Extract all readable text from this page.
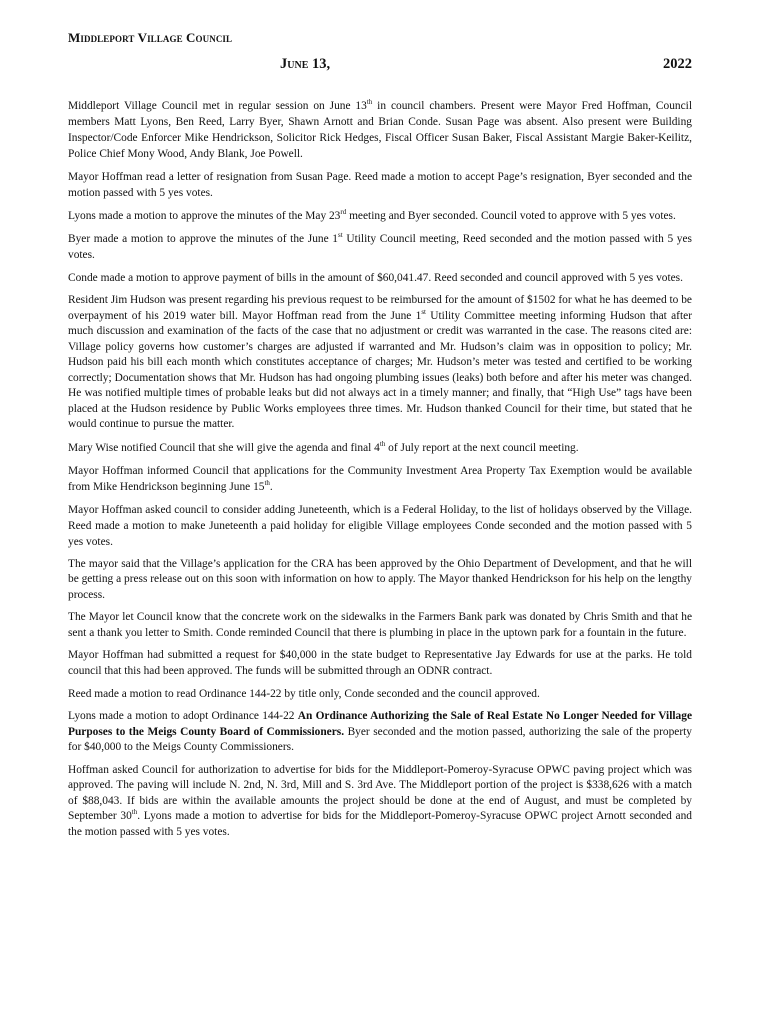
Middleport Village Council
June 13,	2022

Middleport Village Council met in regular session on June 13th in council chambers. Present were Mayor Fred Hoffman, Council members Matt Lyons, Ben Reed, Larry Byer, Shawn Arnott and Brian Conde. Susan Page was absent. Also present were Building Inspector/Code Enforcer Mike Hendrickson, Solicitor Rick Hedges, Fiscal Officer Susan Baker, Fiscal Assistant Margie Baker-Keilitz, Police Chief Mony Wood, Andy Blank, Joe Powell.

Mayor Hoffman read a letter of resignation from Susan Page. Reed made a motion to accept Page’s resignation, Byer seconded and the motion passed with 5 yes votes.

Lyons made a motion to approve the minutes of the May 23rd meeting and Byer seconded. Council voted to approve with 5 yes votes.

Byer made a motion to approve the minutes of the June 1st Utility Council meeting, Reed seconded and the motion passed with 5 yes votes.

Conde made a motion to approve payment of bills in the amount of $60,041.47. Reed seconded and council approved with 5 yes votes.

Resident Jim Hudson was present regarding his previous request to be reimbursed for the amount of $1502 for what he has deemed to be overpayment of his 2019 water bill. Mayor Hoffman read from the June 1st Utility Committee meeting informing Hudson that after much discussion and examination of the facts of the case that no adjustment or credit was warranted in the case. The reasons cited are: Village policy governs how customer’s charges are adjusted if warranted and Mr. Hudson’s claim was in opposition to policy; Mr. Hudson paid his bill each month which constitutes acceptance of charges; Mr. Hudson’s meter was tested and certified to be working correctly; Documentation shows that Mr. Hudson has had ongoing plumbing issues (leaks) both before and after his meter was changed. He was notified multiple times of probable leaks but did not always act in a timely manner; and finally, that “High Use” tags have been placed at the Hudson residence by Public Works employees three times. Mr. Hudson thanked Council for their time, but stated that he would continue to pursue the matter.

Mary Wise notified Council that she will give the agenda and final 4th of July report at the next council meeting.

Mayor Hoffman informed Council that applications for the Community Investment Area Property Tax Exemption would be available from Mike Hendrickson beginning June 15th.

Mayor Hoffman asked council to consider adding Juneteenth, which is a Federal Holiday, to the list of holidays observed by the Village. Reed made a motion to make Juneteenth a paid holiday for eligible Village employees Conde seconded and the motion passed with 5 yes votes.

The mayor said that the Village’s application for the CRA has been approved by the Ohio Department of Development, and that he will be getting a press release out on this soon with information on how to apply. The Mayor thanked Hendrickson for his help on the lengthy process.

The Mayor let Council know that the concrete work on the sidewalks in the Farmers Bank park was donated by Chris Smith and that he sent a thank you letter to Smith. Conde reminded Council that there is plumbing in place in the uptown park for a fountain in the future.

Mayor Hoffman had submitted a request for $40,000 in the state budget to Representative Jay Edwards for use at the parks. He told council that this had been approved. The funds will be submitted through an ODNR contract.

Reed made a motion to read Ordinance 144-22 by title only, Conde seconded and the council approved.

Lyons made a motion to adopt Ordinance 144-22 An Ordinance Authorizing the Sale of Real Estate No Longer Needed for Village Purposes to the Meigs County Board of Commissioners. Byer seconded and the motion passed, authorizing the sale of the property for $40,000 to the Meigs County Commissioners.

Hoffman asked Council for authorization to advertise for bids for the Middleport-Pomeroy-Syracuse OPWC paving project which was approved. The paving will include N. 2nd, N. 3rd, Mill and S. 3rd Ave. The Middleport portion of the project is $338,626 with a match of $88,043. If bids are within the available amounts the project should be done at the end of August, and must be completed by September 30th. Lyons made a motion to advertise for bids for the Middleport-Pomeroy-Syracuse OPWC project Arnott seconded and the motion passed with 5 yes votes.
